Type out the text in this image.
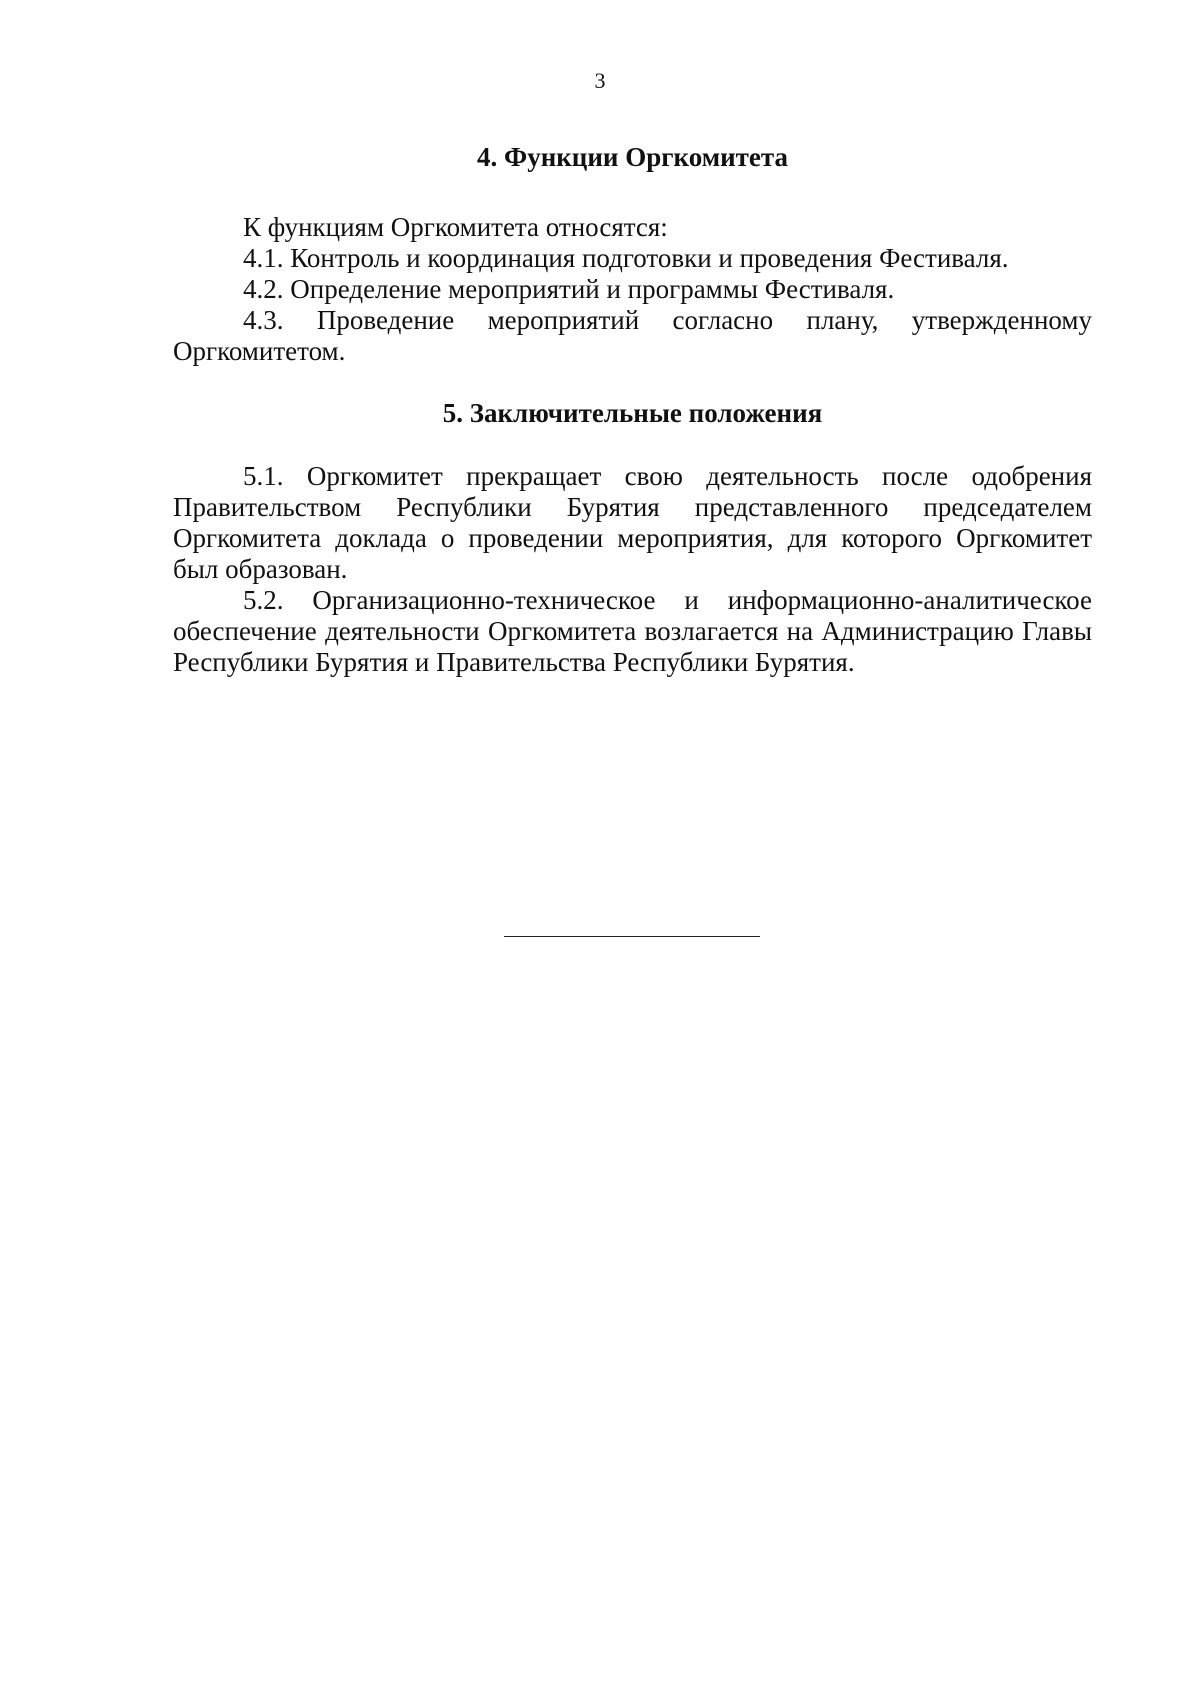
3
4. Функции Оргкомитета

К функциям Оргкомитета относятся:

4.1. Контроль и координация подготовки и проведения Фестиваля.

4.2. Определение мероприятий и программы Фестиваля.

4.3. Проведение мероприятий согласно плану, утвержденному Оргкомитетом.

5. Заключительные положения

5.1. Оргкомитет прекращает свою деятельность после одобрения Правительством Республики Бурятия представленного председателем Оргкомитета доклада о проведении мероприятия, для которого Оргкомитет был образован.

5.2. Организационно-техническое и информационно-аналитическое обеспечение деятельности Оргкомитета возлагается на Администрацию Главы Республики Бурятия и Правительства Республики Бурятия.
